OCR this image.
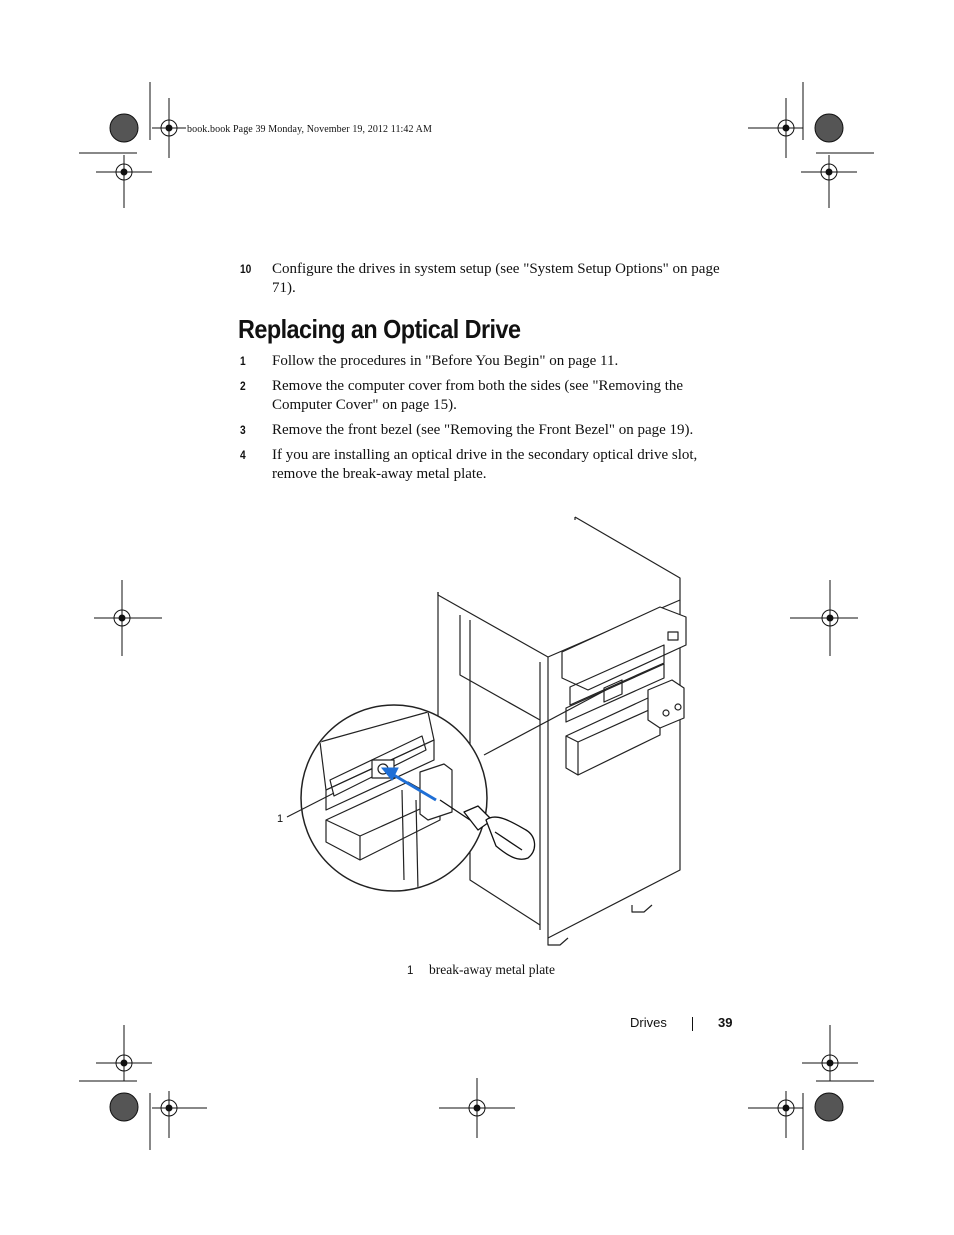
book.book Page 39 Monday, November 19, 2012 11:42 AM
10	Configure the drives in system setup (see "System Setup Options" on page 71).
Replacing an Optical Drive
1	Follow the procedures in "Before You Begin" on page 11.
2	Remove the computer cover from both the sides (see "Removing the Computer Cover" on page 15).
3	Remove the front bezel (see "Removing the Front Bezel" on page 19).
4	If you are installing an optical drive in the secondary optical drive slot, remove the break-away metal plate.
1
1 break-away metal plate
Drives	39
